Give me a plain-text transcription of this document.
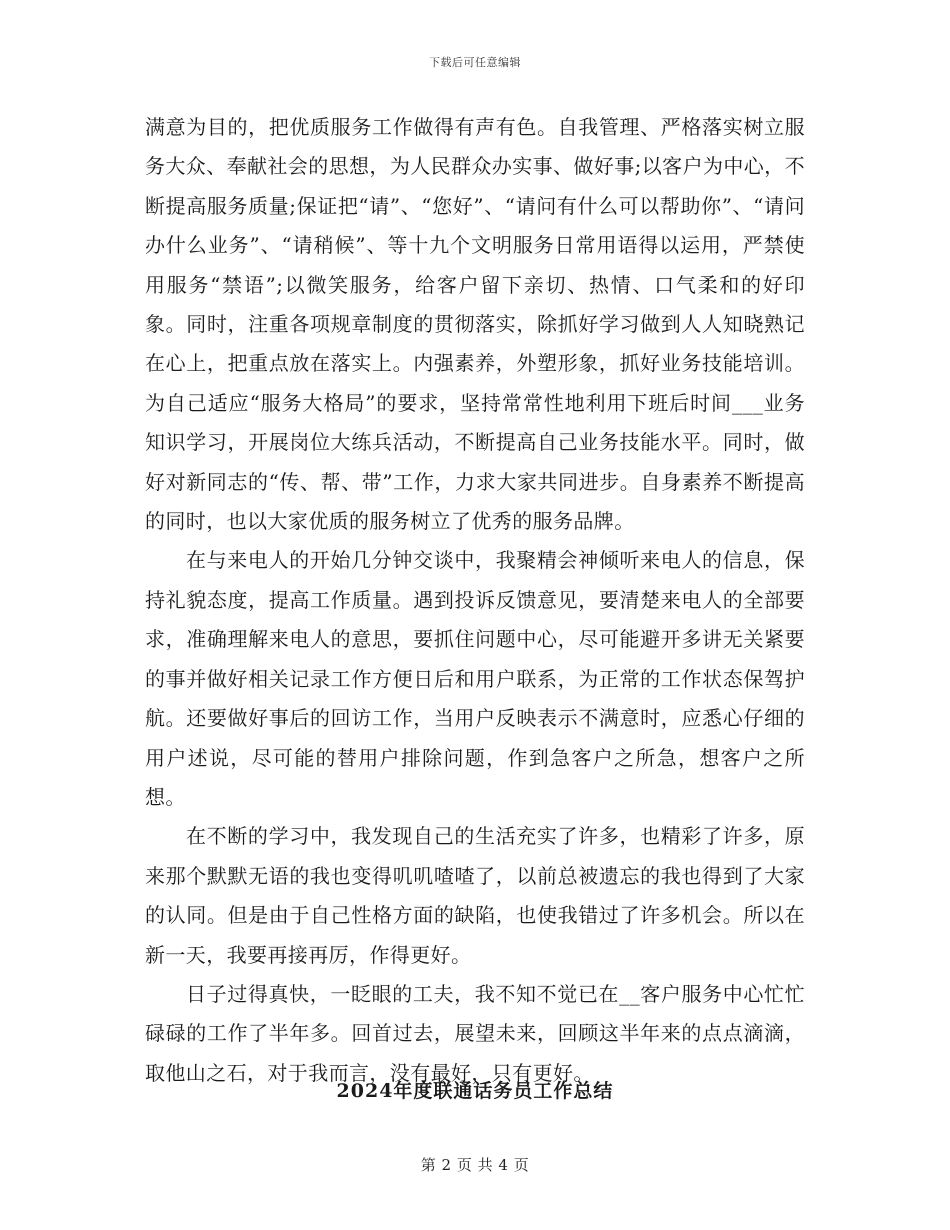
下载后可任意编辑

满意为目的，把优质服务工作做得有声有色。自我管理、严格落实树立服务大众、奉献社会的思想，为人民群众办实事、做好事;以客户为中心，不断提高服务质量;保证把“请”、“您好”、“请问有什么可以帮助你”、“请问办什么业务”、“请稍候”、等十九个文明服务日常用语得以运用，严禁使用服务“禁语”;以微笑服务，给客户留下亲切、热情、口气柔和的好印象。同时，注重各项规章制度的贯彻落实，除抓好学习做到人人知晓熟记在心上，把重点放在落实上。内强素养，外塑形象，抓好业务技能培训。为自己适应“服务大格局”的要求，坚持常常性地利用下班后时间___业务知识学习，开展岗位大练兵活动，不断提高自己业务技能水平。同时，做好对新同志的“传、帮、带”工作，力求大家共同进步。自身素养不断提高的同时，也以大家优质的服务树立了优秀的服务品牌。

在与来电人的开始几分钟交谈中，我聚精会神倾听来电人的信息，保持礼貌态度，提高工作质量。遇到投诉反馈意见，要清楚来电人的全部要求，准确理解来电人的意思，要抓住问题中心，尽可能避开多讲无关紧要的事并做好相关记录工作方便日后和用户联系，为正常的工作状态保驾护航。还要做好事后的回访工作，当用户反映表示不满意时，应悉心仔细的用户述说，尽可能的替用户排除问题，作到急客户之所急，想客户之所想。

在不断的学习中，我发现自己的生活充实了许多，也精彩了许多，原来那个默默无语的我也变得叽叽喳喳了，以前总被遗忘的我也得到了大家的认同。但是由于自己性格方面的缺陷，也使我错过了许多机会。所以在新一天，我要再接再厉，作得更好。

日子过得真快，一眨眼的工夫，我不知不觉已在__客户服务中心忙忙碌碌的工作了半年多。回首过去，展望未来，回顾这半年来的点点滴滴，取他山之石，对于我而言，没有最好，只有更好。

2024年度联通话务员工作总结
第 2 页 共 4 页
